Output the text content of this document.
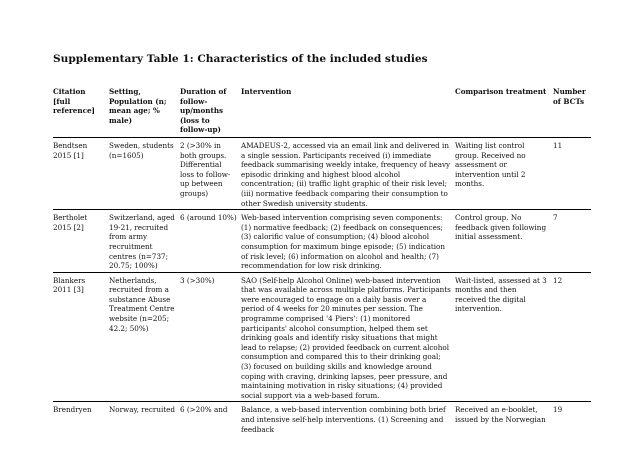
Supplementary Table 1: Characteristics of the included studies
Citation [full reference]	Setting, Population (n; mean age; % male)	Duration of follow-up/months (loss to follow-up)	Intervention	Comparison treatment	Number of BCTs
Bendtsen 2015 [1]	Sweden, students (n=1605)	2 (>30% in both groups. Differential loss to follow-up between groups)	AMADEUS-2, accessed via an email link and delivered in a single session. Participants received (i) immediate feedback summarising weekly intake, frequency of heavy episodic drinking and highest blood alcohol concentration; (ii) traffic light graphic of their risk level; (iii) normative feedback comparing their consumption to other Swedish university students.	Waiting list control group. Received no assessment or intervention until 2 months.	11
Bertholet 2015 [2]	Switzerland, aged 19-21, recruited from army recruitment centres (n=737; 20.75; 100%)	6 (around 10%)	Web-based intervention comprising seven components: (1) normative feedback; (2) feedback on consequences; (3) calorific value of consumption; (4) blood alcohol consumption for maximum binge episode; (5) indication of risk level; (6) information on alcohol and health; (7) recommendation for low risk drinking.	Control group. No feedback given following initial assessment.	7
Blankers 2011 [3]	Netherlands, recruited from a substance Abuse Treatment Centre website (n=205; 42.2; 50%)	3 (>30%)	SAO (Self-help Alcohol Online) web-based intervention that was available across multiple platforms. Participants were encouraged to engage on a daily basis over a period of 4 weeks for 20 minutes per session. The programme comprised '4 Piers': (1) monitored participants' alcohol consumption, helped them set drinking goals and identify risky situations that might lead to relapse; (2) provided feedback on current alcohol consumption and compared this to their drinking goal; (3) focused on building skills and knowledge around coping with craving, drinking lapses, peer pressure, and maintaining motivation in risky situations; (4) provided social support via a web-based forum.	Wait-listed, assessed at 3 months and then received the digital intervention.	12
Brendryen	Norway, recruited	6 (>20% and	Balance, a web-based intervention combining both brief and intensive self-help interventions. (1) Screening and feedback	Received an e-booklet, issued by the Norwegian	19
